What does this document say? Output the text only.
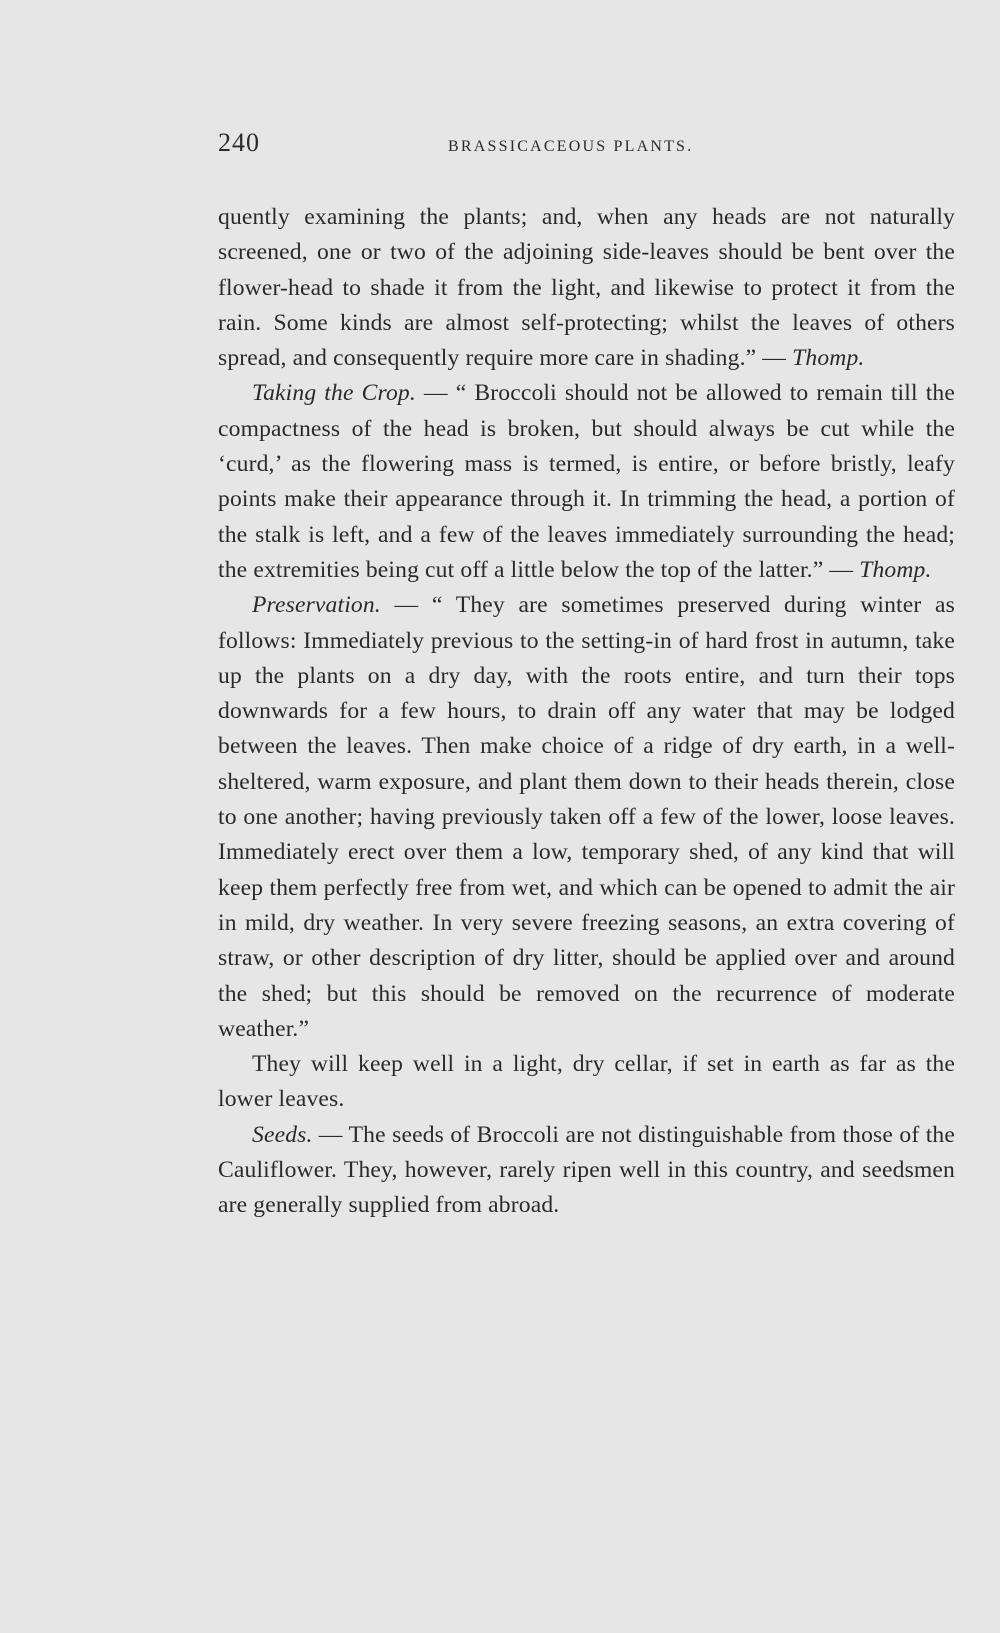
240	BRASSICACEOUS PLANTS.

quently examining the plants; and, when any heads are not naturally screened, one or two of the adjoining side-leaves should be bent over the flower-head to shade it from the light, and likewise to protect it from the rain. Some kinds are almost self-protecting; whilst the leaves of others spread, and consequently require more care in shading.” — Thomp.

Taking the Crop. — “ Broccoli should not be allowed to remain till the compactness of the head is broken, but should always be cut while the ‘curd,’ as the flowering mass is termed, is entire, or before bristly, leafy points make their appearance through it. In trimming the head, a portion of the stalk is left, and a few of the leaves immediately surrounding the head; the extremities being cut off a little below the top of the latter.” — Thomp.

Preservation. — “ They are sometimes preserved during winter as follows: Immediately previous to the setting-in of hard frost in autumn, take up the plants on a dry day, with the roots entire, and turn their tops downwards for a few hours, to drain off any water that may be lodged between the leaves. Then make choice of a ridge of dry earth, in a well-sheltered, warm exposure, and plant them down to their heads therein, close to one another; having previously taken off a few of the lower, loose leaves. Immediately erect over them a low, temporary shed, of any kind that will keep them perfectly free from wet, and which can be opened to admit the air in mild, dry weather. In very severe freezing seasons, an extra covering of straw, or other description of dry litter, should be applied over and around the shed; but this should be removed on the recurrence of moderate weather.”

They will keep well in a light, dry cellar, if set in earth as far as the lower leaves.

Seeds. — The seeds of Broccoli are not distinguishable from those of the Cauliflower. They, however, rarely ripen well in this country, and seedsmen are generally supplied from abroad.
